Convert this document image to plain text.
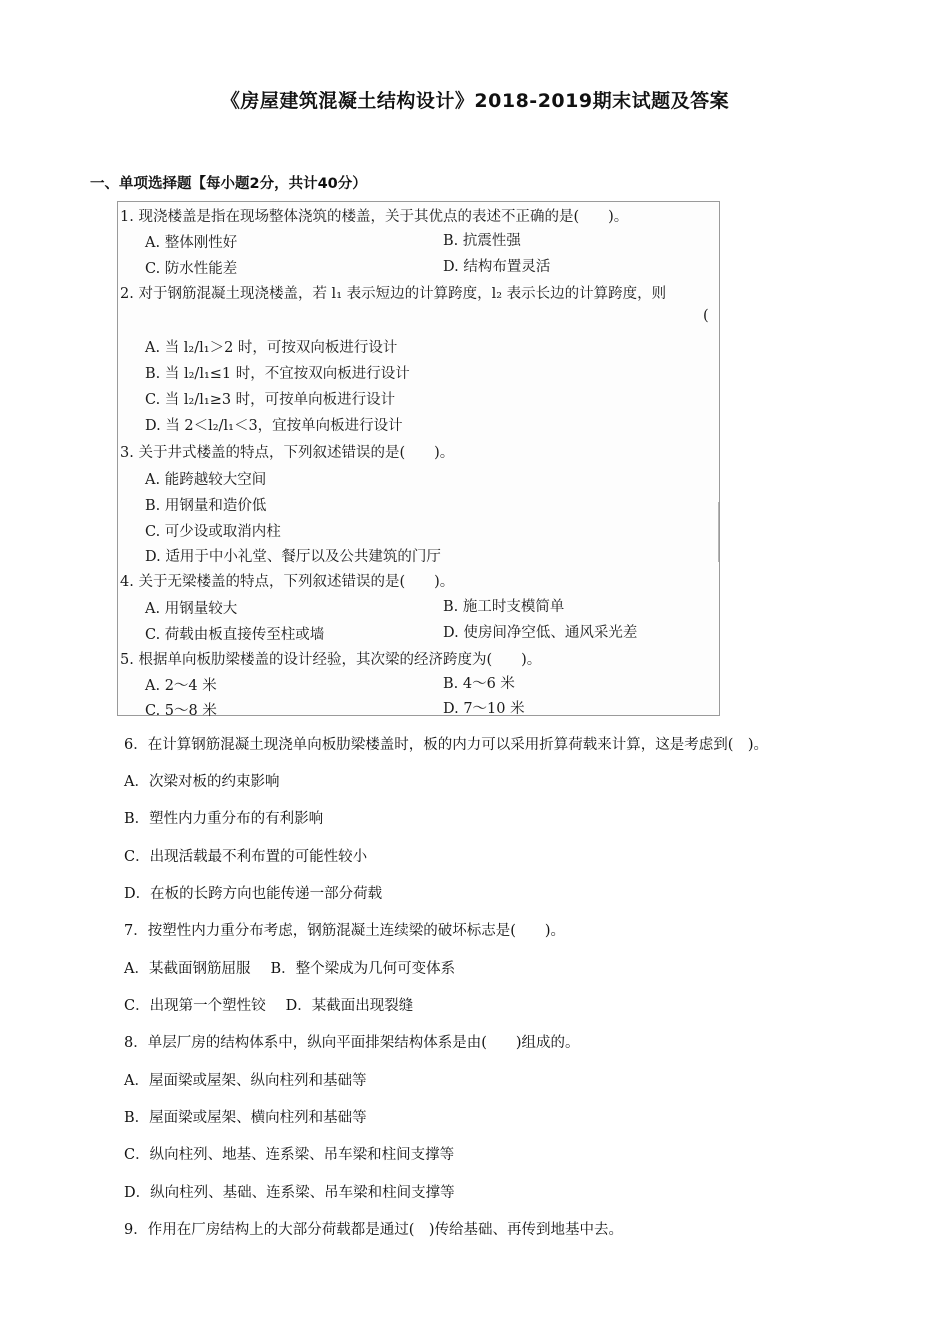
《房屋建筑混凝土结构设计》2018-2019期末试题及答案
一、单项选择题【每小题2分，共计40分）
1. 现浇楼盖是指在现场整体浇筑的楼盖，关于其优点的表述不正确的是(　　)。
A. 整体刚性好	B. 抗震性强
C. 防水性能差	D. 结构布置灵活
2. 对于钢筋混凝土现浇楼盖，若 l₁ 表示短边的计算跨度，l₂ 表示长边的计算跨度，则
(
A. 当 l₂/l₁＞2 时，可按双向板进行设计
B. 当 l₂/l₁≤1 时，不宜按双向板进行设计
C. 当 l₂/l₁≥3 时，可按单向板进行设计
D. 当 2＜l₂/l₁＜3，宜按单向板进行设计
3. 关于井式楼盖的特点，下列叙述错误的是(　　)。
A. 能跨越较大空间
B. 用钢量和造价低
C. 可少设或取消内柱
D. 适用于中小礼堂、餐厅以及公共建筑的门厅
4. 关于无梁楼盖的特点，下列叙述错误的是(　　)。
A. 用钢量较大	B. 施工时支模简单
C. 荷载由板直接传至柱或墙	D. 使房间净空低、通风采光差
5. 根据单向板肋梁楼盖的设计经验，其次梁的经济跨度为(　　)。
A. 2～4 米	B. 4～6 米
C. 5～8 米	D. 7～10 米
6．在计算钢筋混凝土现浇单向板肋梁楼盖时，板的内力可以采用折算荷载来计算，这是考虑到(　)。
A．次梁对板的约束影响
B．塑性内力重分布的有利影响
C．出现活载最不利布置的可能性较小
D．在板的长跨方向也能传递一部分荷载
7．按塑性内力重分布考虑，钢筋混凝土连续梁的破坏标志是(　　)。
A．某截面钢筋屈服 B．整个梁成为几何可变体系
C．出现第一个塑性铰 D．某截面出现裂缝
8．单层厂房的结构体系中，纵向平面排架结构体系是由(　　)组成的。
A．屋面梁或屋架、纵向柱列和基础等
B．屋面梁或屋架、横向柱列和基础等
C．纵向柱列、地基、连系梁、吊车梁和柱间支撑等
D．纵向柱列、基础、连系梁、吊车梁和柱间支撑等
9．作用在厂房结构上的大部分荷载都是通过(　)传给基础、再传到地基中去。
